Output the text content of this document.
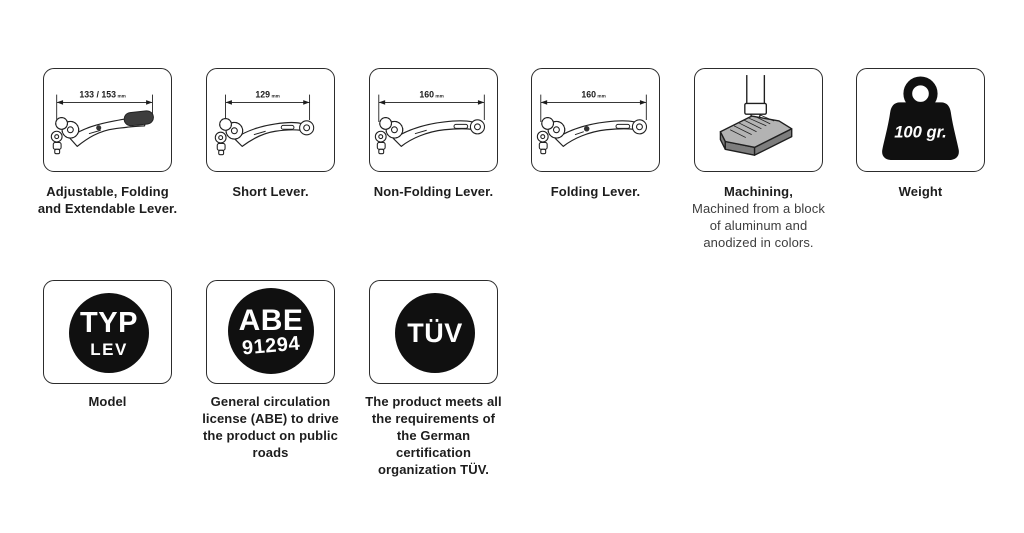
133 / 153mm
Adjustable, Folding
and Extendable Lever.
129mm
Short Lever.
160mm
Non-Folding Lever.
160mm
Folding Lever.	Machining,
Machined from a block
of aluminum and
anodized in colors.
100 gr.
Weight
TYP
LEV
Model
ABE
91294
General circulation
license (ABE) to drive
the product on public
roads
TÜV
The product meets all
the requirements of
the German
certification
organization TÜV.
